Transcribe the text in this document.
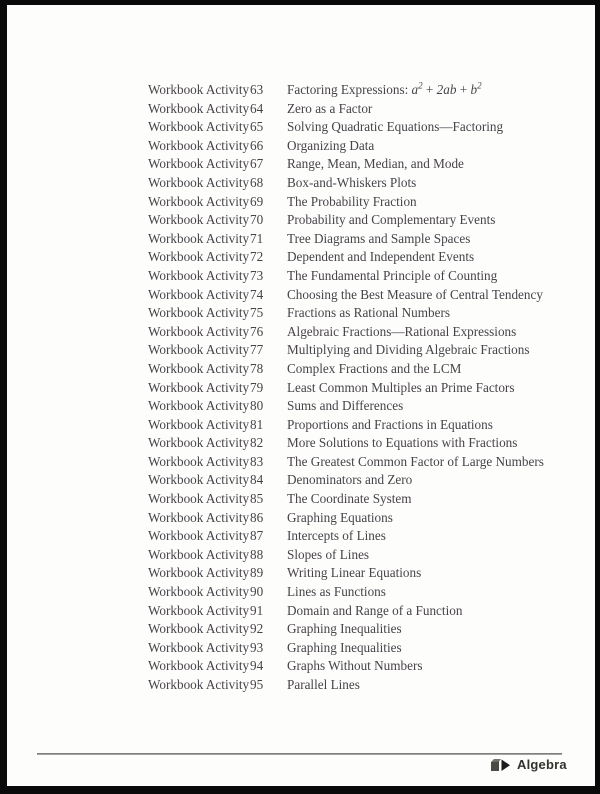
Workbook Activity 63	Factoring Expressions: $a^2 + 2ab + b^2$
Workbook Activity 64	Zero as a Factor
Workbook Activity 65	Solving Quadratic Equations—Factoring
Workbook Activity 66	Organizing Data
Workbook Activity 67	Range, Mean, Median, and Mode
Workbook Activity 68	Box-and-Whiskers Plots
Workbook Activity 69	The Probability Fraction
Workbook Activity 70	Probability and Complementary Events
Workbook Activity 71	Tree Diagrams and Sample Spaces
Workbook Activity 72	Dependent and Independent Events
Workbook Activity 73	The Fundamental Principle of Counting
Workbook Activity 74	Choosing the Best Measure of Central Tendency
Workbook Activity 75	Fractions as Rational Numbers
Workbook Activity 76	Algebraic Fractions—Rational Expressions
Workbook Activity 77	Multiplying and Dividing Algebraic Fractions
Workbook Activity 78	Complex Fractions and the LCM
Workbook Activity 79	Least Common Multiples an Prime Factors
Workbook Activity 80	Sums and Differences
Workbook Activity 81	Proportions and Fractions in Equations
Workbook Activity 82	More Solutions to Equations with Fractions
Workbook Activity 83	The Greatest Common Factor of Large Numbers
Workbook Activity 84	Denominators and Zero
Workbook Activity 85	The Coordinate System
Workbook Activity 86	Graphing Equations
Workbook Activity 87	Intercepts of Lines
Workbook Activity 88	Slopes of Lines
Workbook Activity 89	Writing Linear Equations
Workbook Activity 90	Lines as Functions
Workbook Activity 91	Domain and Range of a Function
Workbook Activity 92	Graphing Inequalities
Workbook Activity 93	Graphing Inequalities
Workbook Activity 94	Graphs Without Numbers
Workbook Activity 95	Parallel Lines
Algebra
